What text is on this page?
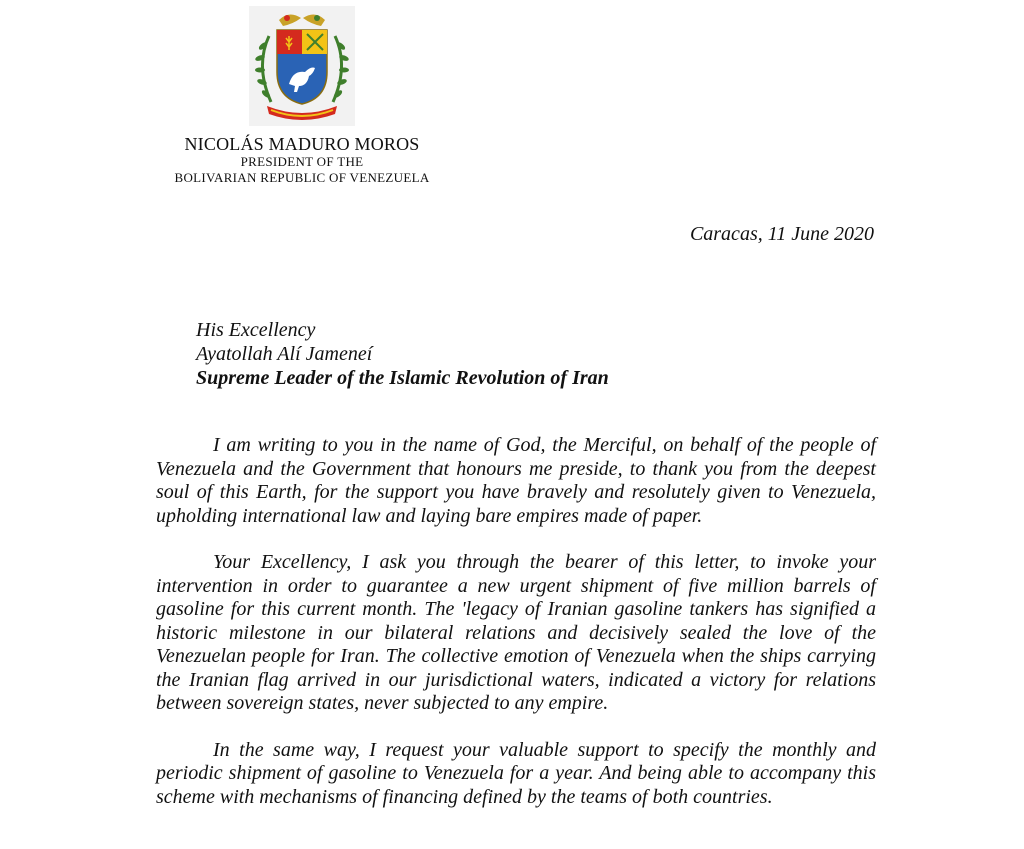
NICOLÁS MADURO MOROS
PRESIDENT OF THE
BOLIVARIAN REPUBLIC OF VENEZUELA
Caracas, 11 June 2020
His Excellency
Ayatollah Alí Jameneí
Supreme Leader of the Islamic Revolution of Iran

I am writing to you in the name of God, the Merciful, on behalf of the people of Venezuela and the Government that honours me preside, to thank you from the deepest soul of this Earth, for the support you have bravely and resolutely given to Venezuela, upholding international law and laying bare empires made of paper.

Your Excellency, I ask you through the bearer of this letter, to invoke your intervention in order to guarantee a new urgent shipment of five million barrels of gasoline for this current month. The 'legacy of Iranian gasoline tankers has signified a historic milestone in our bilateral relations and decisively sealed the love of the Venezuelan people for Iran. The collective emotion of Venezuela when the ships carrying the Iranian flag arrived in our jurisdictional waters, indicated a victory for relations between sovereign states, never subjected to any empire.

In the same way, I request your valuable support to specify the monthly and periodic shipment of gasoline to Venezuela for a year. And being able to accompany this scheme with mechanisms of financing defined by the teams of both countries.
